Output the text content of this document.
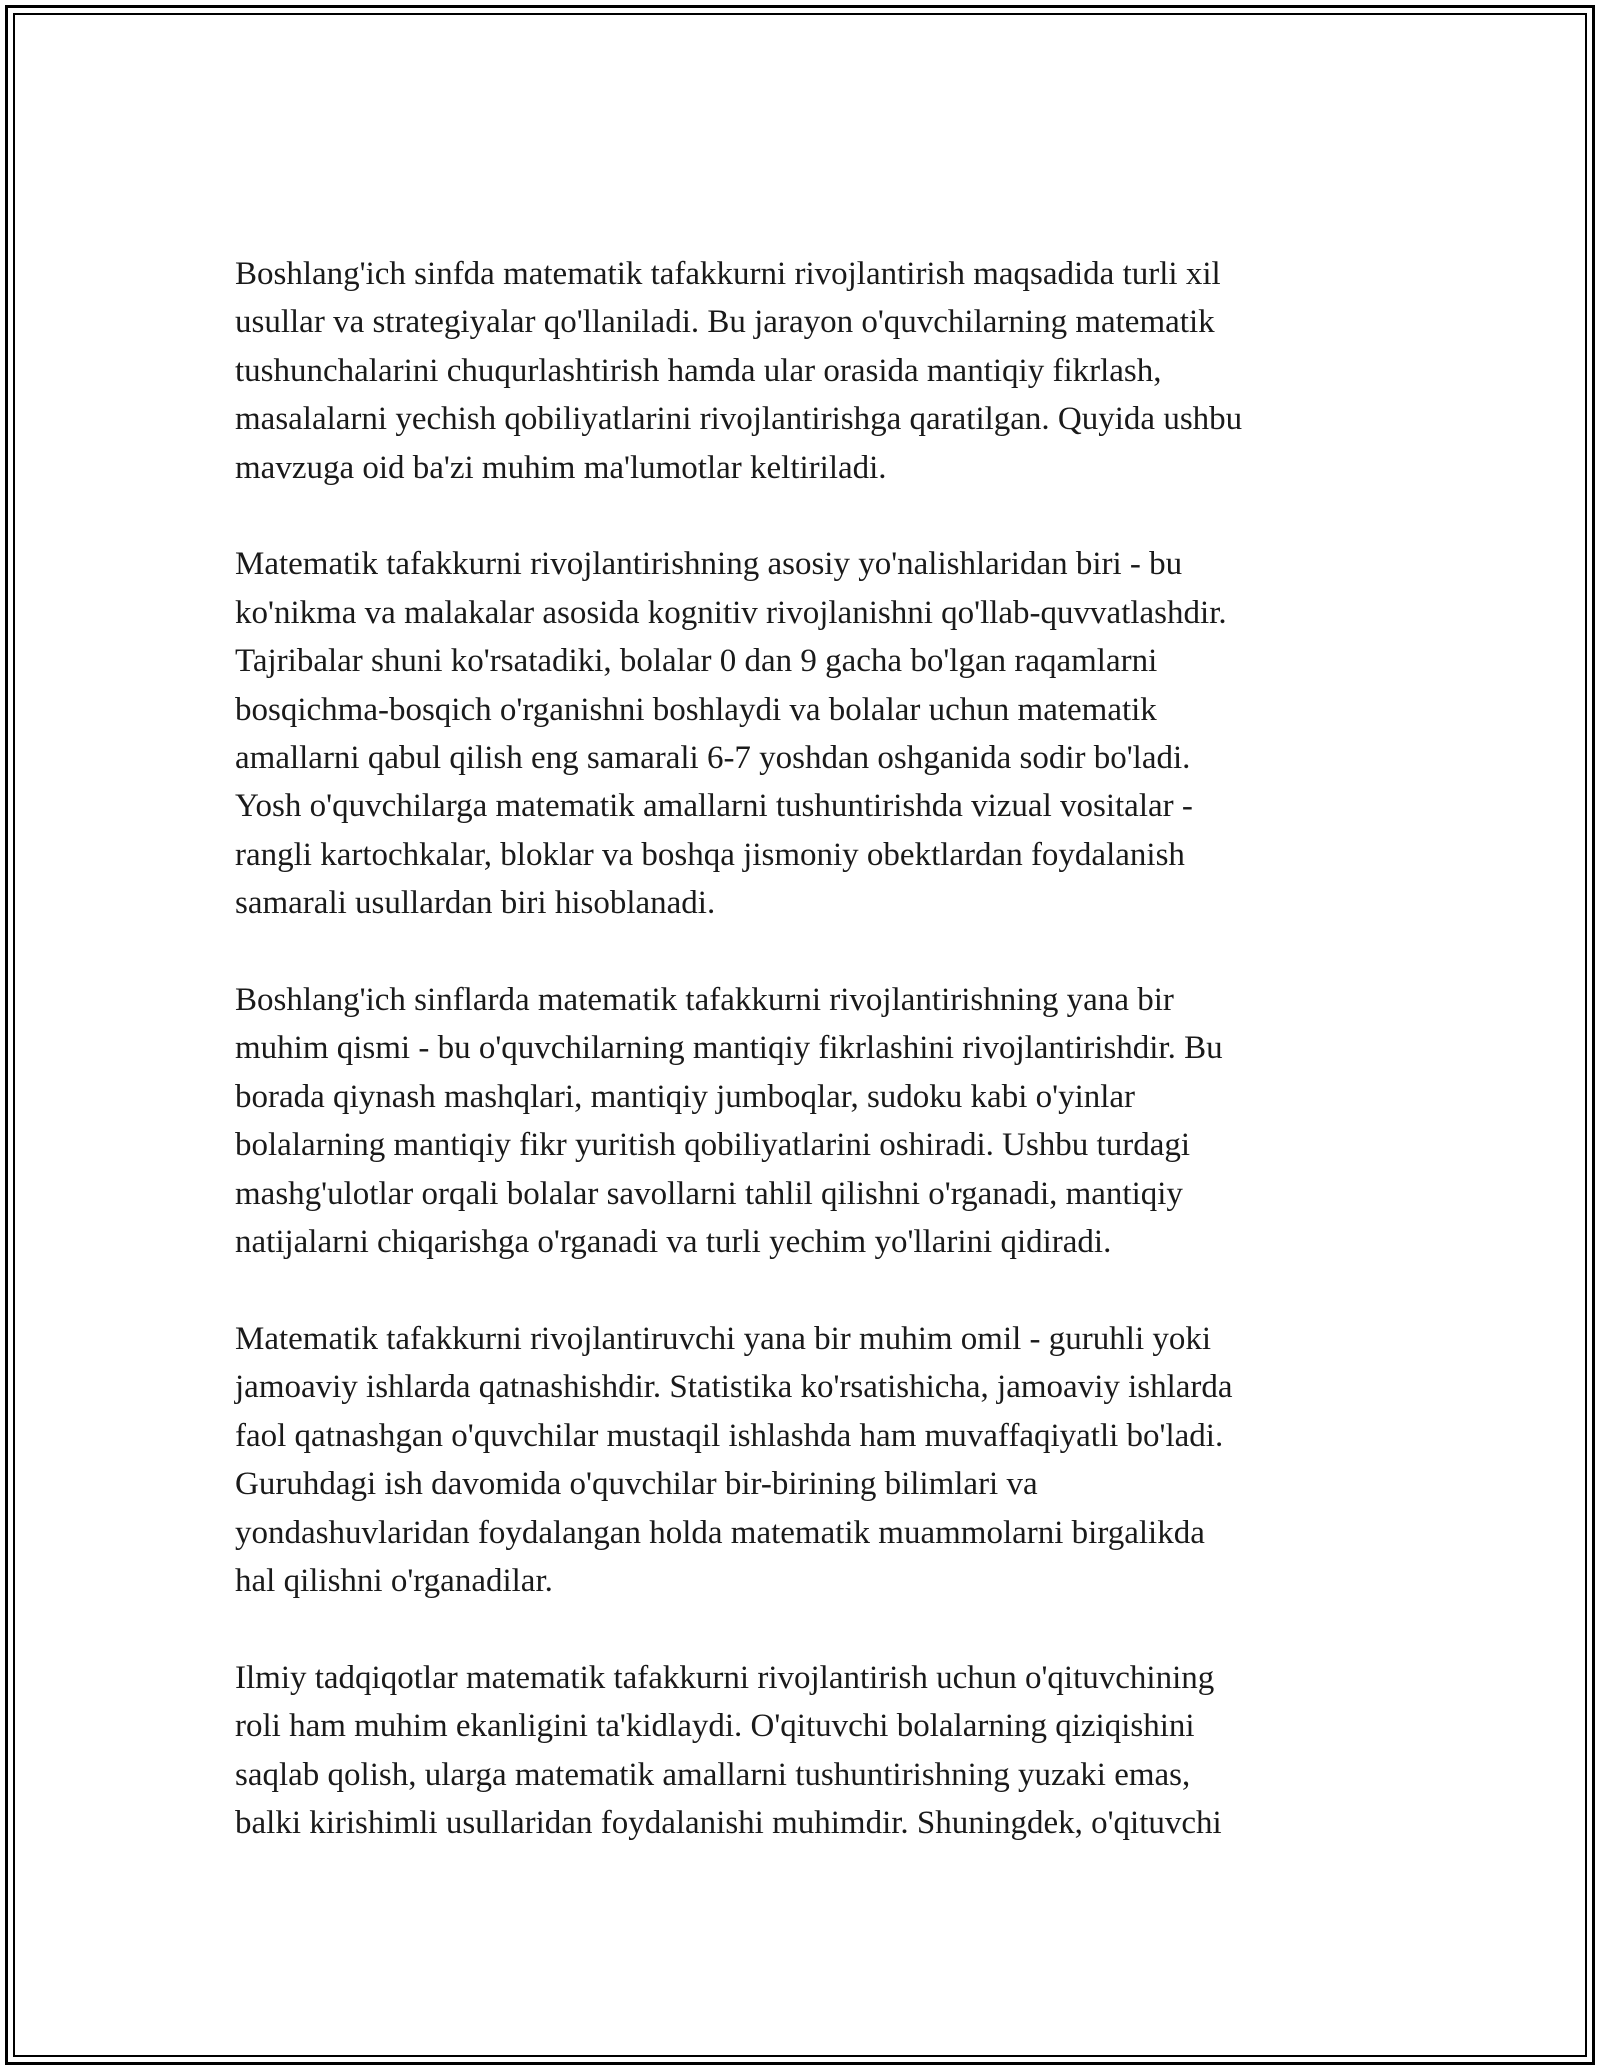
Boshlang'ich sinfda matematik tafakkurni rivojlantirish maqsadida turli xil
usullar va strategiyalar qo'llaniladi. Bu jarayon o'quvchilarning matematik
tushunchalarini chuqurlashtirish hamda ular orasida mantiqiy fikrlash,
masalalarni yechish qobiliyatlarini rivojlantirishga qaratilgan. Quyida ushbu
mavzuga oid ba'zi muhim ma'lumotlar keltiriladi.
Matematik tafakkurni rivojlantirishning asosiy yo'nalishlaridan biri - bu
ko'nikma va malakalar asosida kognitiv rivojlanishni qo'llab-quvvatlashdir.
Tajribalar shuni ko'rsatadiki, bolalar 0 dan 9 gacha bo'lgan raqamlarni
bosqichma-bosqich o'rganishni boshlaydi va bolalar uchun matematik
amallarni qabul qilish eng samarali 6-7 yoshdan oshganida sodir bo'ladi.
Yosh o'quvchilarga matematik amallarni tushuntirishda vizual vositalar -
rangli kartochkalar, bloklar va boshqa jismoniy obektlardan foydalanish
samarali usullardan biri hisoblanadi.
Boshlang'ich sinflarda matematik tafakkurni rivojlantirishning yana bir
muhim qismi - bu o'quvchilarning mantiqiy fikrlashini rivojlantirishdir. Bu
borada qiynash mashqlari, mantiqiy jumboqlar, sudoku kabi o'yinlar
bolalarning mantiqiy fikr yuritish qobiliyatlarini oshiradi. Ushbu turdagi
mashg'ulotlar orqali bolalar savollarni tahlil qilishni o'rganadi, mantiqiy
natijalarni chiqarishga o'rganadi va turli yechim yo'llarini qidiradi.
Matematik tafakkurni rivojlantiruvchi yana bir muhim omil - guruhli yoki
jamoaviy ishlarda qatnashishdir. Statistika ko'rsatishicha, jamoaviy ishlarda
faol qatnashgan o'quvchilar mustaqil ishlashda ham muvaffaqiyatli bo'ladi.
Guruhdagi ish davomida o'quvchilar bir-birining bilimlari va
yondashuvlaridan foydalangan holda matematik muammolarni birgalikda
hal qilishni o'rganadilar.
Ilmiy tadqiqotlar matematik tafakkurni rivojlantirish uchun o'qituvchining
roli ham muhim ekanligini ta'kidlaydi. O'qituvchi bolalarning qiziqishini
saqlab qolish, ularga matematik amallarni tushuntirishning yuzaki emas,
balki kirishimli usullaridan foydalanishi muhimdir. Shuningdek, o'qituvchi
